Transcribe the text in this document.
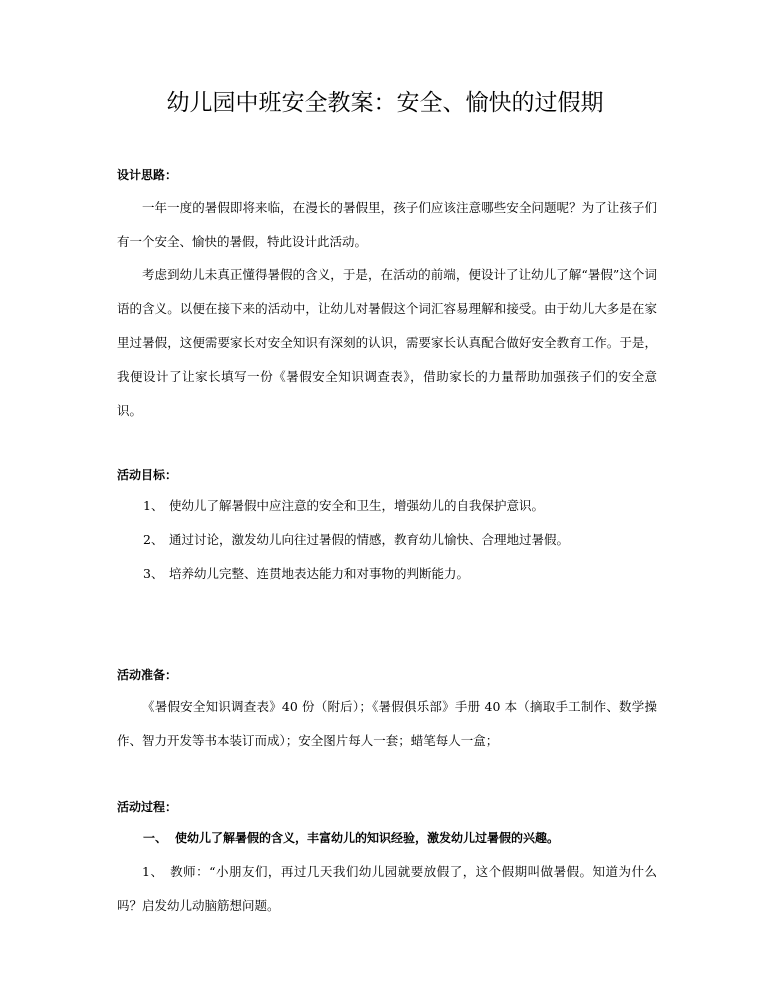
幼儿园中班安全教案：安全、愉快的过假期
设计思路：
一年一度的暑假即将来临，在漫长的暑假里，孩子们应该注意哪些安全问题呢？为了让孩子们有一个安全、愉快的暑假，特此设计此活动。
考虑到幼儿未真正懂得暑假的含义，于是，在活动的前端，便设计了让幼儿了解“暑假”这个词语的含义。以便在接下来的活动中，让幼儿对暑假这个词汇容易理解和接受。由于幼儿大多是在家里过暑假，这便需要家长对安全知识有深刻的认识，需要家长认真配合做好安全教育工作。于是，我便设计了让家长填写一份《暑假安全知识调查表》，借助家长的力量帮助加强孩子们的安全意识。
活动目标：
1、 使幼儿了解暑假中应注意的安全和卫生，增强幼儿的自我保护意识。
2、 通过讨论，激发幼儿向往过暑假的情感，教育幼儿愉快、合理地过暑假。
3、 培养幼儿完整、连贯地表达能力和对事物的判断能力。
活动准备：
《暑假安全知识调查表》40 份（附后）；《暑假俱乐部》手册 40 本（摘取手工制作、数学操作、智力开发等书本装订而成）；安全图片每人一套；蜡笔每人一盒；
活动过程：
一、 使幼儿了解暑假的含义，丰富幼儿的知识经验，激发幼儿过暑假的兴趣。
1、　教师：“小朋友们，再过几天我们幼儿园就要放假了，这个假期叫做暑假。知道为什么吗？启发幼儿动脑筋想问题。
